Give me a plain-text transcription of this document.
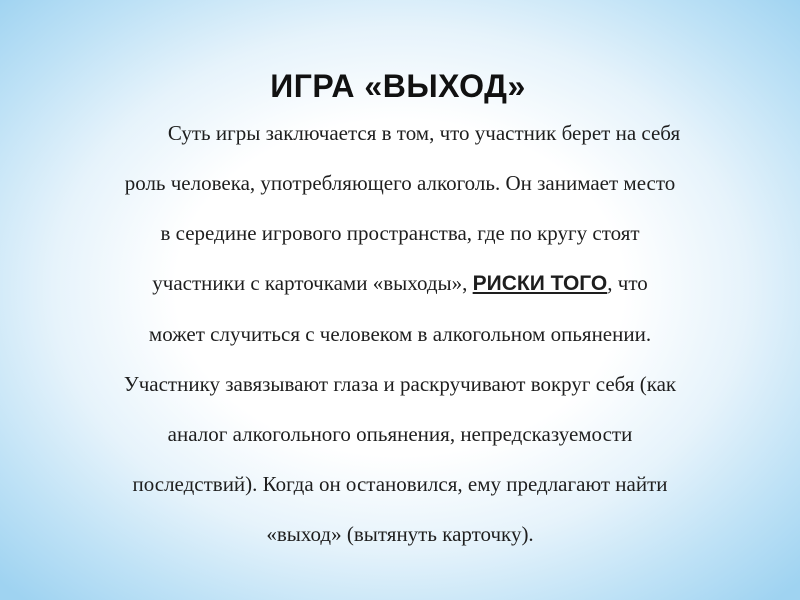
ИГРА «ВЫХОД»
Суть игры заключается в том, что участник берет на себя
роль человека, употребляющего алкоголь. Он занимает место
в середине игрового пространства, где по кругу стоят
участники с карточками «выходы», РИСКИ ТОГО, что
может случиться с человеком в алкогольном опьянении.
Участнику завязывают глаза и раскручивают вокруг себя (как
аналог алкогольного опьянения, непредсказуемости
последствий). Когда он остановился, ему предлагают найти
«выход» (вытянуть карточку).
